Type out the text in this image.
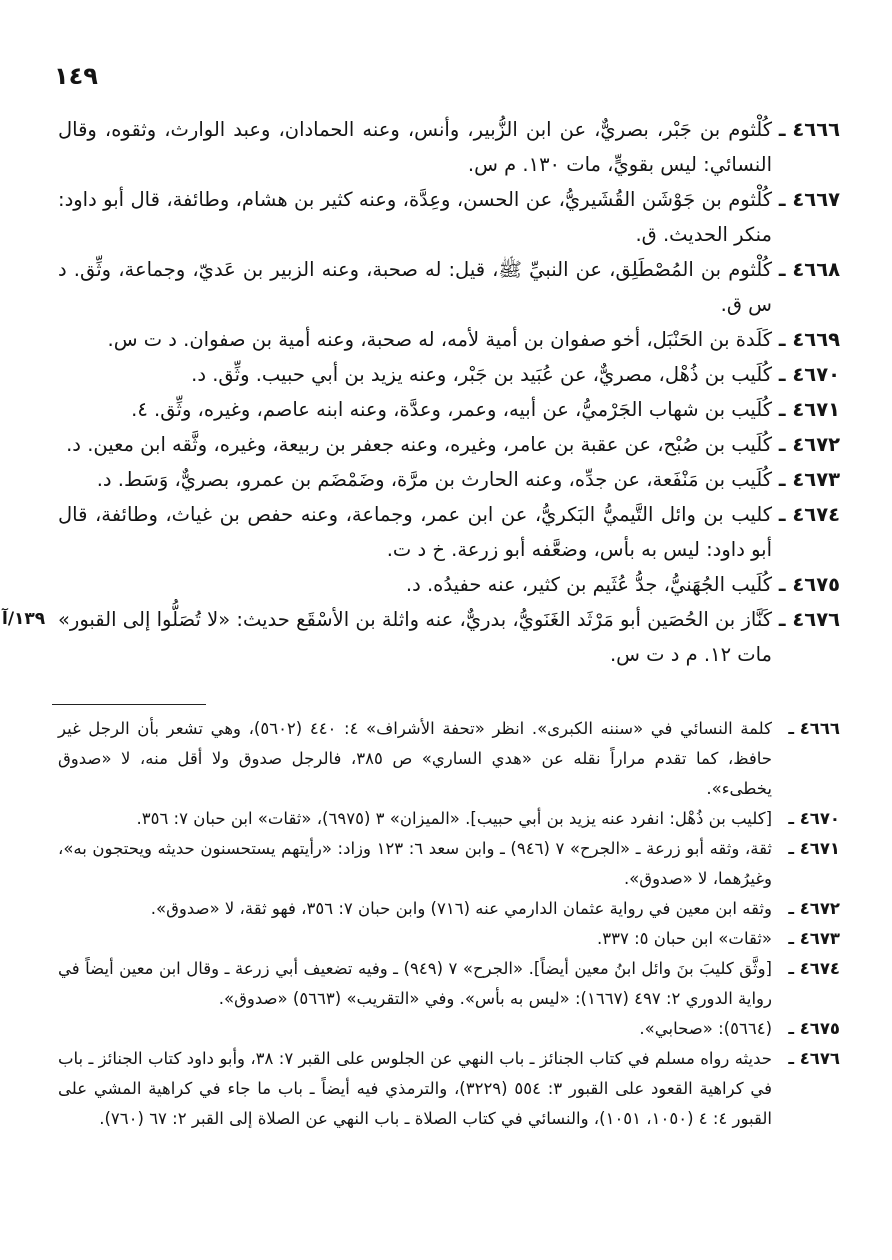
١٤٩
٤٦٦٦ ـ
كُلْثوم بن جَبْر، بصريٌّ، عن ابن الزُّبير، وأنس، وعنه الحمادان، وعبد الوارث، وثقوه، وقال النسائي: ليس بقويٍّ، مات ١٣٠. م س.
٤٦٦٧ ـ
كُلْثوم بن جَوْشَن القُشَيريُّ، عن الحسن، وعِدَّة، وعنه كثير بن هشام، وطائفة، قال أبو داود: منكر الحديث. ق.
٤٦٦٨ ـ
كُلْثوم بن المُصْطَلِق، عن النبيِّ ﷺ، قيل: له صحبة، وعنه الزبير بن عَديّ، وجماعة، وثِّق. د س ق.
٤٦٦٩ ـ
كَلَدة بن الحَنْبَل، أخو صفوان بن أمية لأمه، له صحبة، وعنه أمية بن صفوان. د ت س.
٤٦٧٠ ـ
كُلَيب بن ذُهْل، مصريٌّ، عن عُبَيد بن جَبْر، وعنه يزيد بن أبي حبيب. وثِّق. د.
٤٦٧١ ـ
كُلَيب بن شهاب الجَرْميُّ، عن أبيه، وعمر، وعدَّة، وعنه ابنه عاصم، وغيره، وثِّق. ٤.
٤٦٧٢ ـ
كُلَيب بن صُبْح، عن عقبة بن عامر، وغيره، وعنه جعفر بن ربيعة، وغيره، وثَّقه ابن معين. د.
٤٦٧٣ ـ
كُلَيب بن مَنْفَعة، عن جدِّه، وعنه الحارث بن مرَّة، وضَمْضَم بن عمرو، بصريٌّ، وَسَط. د.
٤٦٧٤ ـ
كليب بن وائل التَّيميُّ البَكريُّ، عن ابن عمر، وجماعة، وعنه حفص بن غياث، وطائفة، قال أبو داود: ليس به بأس، وضعَّفه أبو زرعة. خ د ت.
٤٦٧٥ ـ
كُلَيب الجُهَنيُّ، جدُّ عُثَيم بن كثير، عنه حفيدُه. د.
٤٦٧٦ ـ
كَنَّاز بن الحُصَين أبو مَرْثَد الغَنَويُّ، بدريٌّ، عنه واثلة بن الأسْقَع حديث: «لا تُصَلُّوا إلى القبور» مات ١٢. م د ت س.
١٣٩/آ
٤٦٦٦ ـ
كلمة النسائي في «سننه الكبرى». انظر «تحفة الأشراف» ٤: ٤٤٠ (٥٦٠٢)، وهي تشعر بأن الرجل غير حافظ، كما تقدم مراراً نقله عن «هدي الساري» ص ٣٨٥، فالرجل صدوق ولا أقل منه، لا «صدوق يخطىء».
٤٦٧٠ ـ
[كليب بن ذُهْل: انفرد عنه يزيد بن أبي حبيب]. «الميزان» ٣ (٦٩٧٥)، «ثقات» ابن حبان ٧: ٣٥٦.
٤٦٧١ ـ
ثقة، وثقه أبو زرعة ـ «الجرح» ٧ (٩٤٦) ـ وابن سعد ٦: ١٢٣ وزاد: «رأيتهم يستحسنون حديثه ويحتجون به»، وغيرُهما، لا «صدوق».
٤٦٧٢ ـ
وثقه ابن معين في رواية عثمان الدارمي عنه (٧١٦) وابن حبان ٧: ٣٥٦، فهو ثقة، لا «صدوق».
٤٦٧٣ ـ
«ثقات» ابن حبان ٥: ٣٣٧.
٤٦٧٤ ـ
[وثَّق كليبَ بنَ وائل ابنُ معين أيضاً]. «الجرح» ٧ (٩٤٩) ـ وفيه تضعيف أبي زرعة ـ وقال ابن معين أيضاً في رواية الدوري ٢: ٤٩٧ (١٦٦٧): «ليس به بأس». وفي «التقريب» (٥٦٦٣) «صدوق».
٤٦٧٥ ـ
(٥٦٦٤): «صحابي».
٤٦٧٦ ـ
حديثه رواه مسلم في كتاب الجنائز ـ باب النهي عن الجلوس على القبر ٧: ٣٨، وأبو داود كتاب الجنائز ـ باب في كراهية القعود على القبور ٣: ٥٥٤ (٣٢٢٩)، والترمذي فيه أيضاً ـ باب ما جاء في كراهية المشي على القبور ٤: ٤ (١٠٥٠، ١٠٥١)، والنسائي في كتاب الصلاة ـ باب النهي عن الصلاة إلى القبر ٢: ٦٧ (٧٦٠).
